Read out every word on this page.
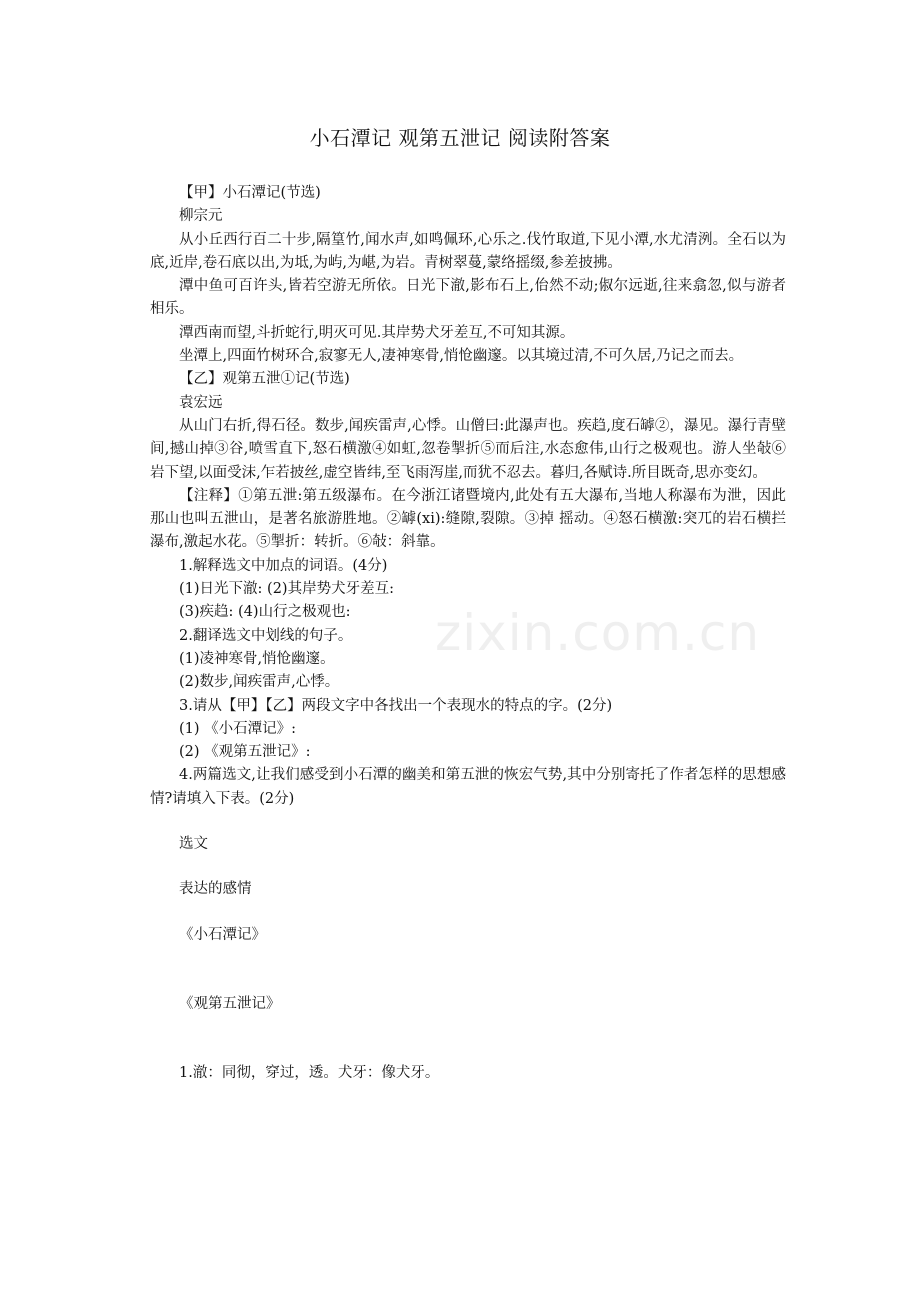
小石潭记 观第五泄记 阅读附答案

【甲】小石潭记(节选)

柳宗元

从小丘西行百二十步,隔篁竹,闻水声,如鸣佩环,心乐之.伐竹取道,下见小潭,水尤清洌。全石以为底,近岸,卷石底以出,为坻,为屿,为嵁,为岩。青树翠蔓,蒙络摇缀,参差披拂。

潭中鱼可百许头,皆若空游无所依。日光下澈,影布石上,佁然不动;俶尔远逝,往来翕忽,似与游者相乐。

潭西南而望,斗折蛇行,明灭可见.其岸势犬牙差互,不可知其源。

坐潭上,四面竹树环合,寂寥无人,凄神寒骨,悄怆幽邃。以其境过清,不可久居,乃记之而去。

【乙】观第五泄①记(节选)

袁宏远

从山门右折,得石径。数步,闻疾雷声,心悸。山僧曰:此瀑声也。疾趋,度石罅②，瀑见。瀑行青壁间,撼山掉③谷,喷雪直下,怒石横激④如虹,忽卷掣折⑤而后注,水态愈伟,山行之极观也。游人坐敧⑥岩下望,以面受沫,乍若披丝,虚空皆纬,至飞雨泻崖,而犹不忍去。暮归,各赋诗.所目既奇,思亦变幻。

【注释】①第五泄:第五级瀑布。在今浙江诸暨境内,此处有五大瀑布,当地人称瀑布为泄，因此那山也叫五泄山，是著名旅游胜地。②罅(xi):缝隙,裂隙。③掉 摇动。④怒石横激:突兀的岩石横拦瀑布,激起水花。⑤掣折：转折。⑥敧：斜靠。

1.解释选文中加点的词语。(4分)

(1)日光下澈: (2)其岸势犬牙差互:

(3)疾趋: (4)山行之极观也:

2.翻译选文中划线的句子。

(1)凌神寒骨,悄怆幽邃。

(2)数步,闻疾雷声,心悸。

3.请从【甲】【乙】两段文字中各找出一个表现水的特点的字。(2分)

(1) 《小石潭记》:

(2) 《观第五泄记》:

4.两篇选文,让我们感受到小石潭的幽美和第五泄的恢宏气势,其中分别寄托了作者怎样的思想感情?请填入下表。(2分)

选文

表达的感情

《小石潭记》

《观第五泄记》

1.澈：同彻，穿过，透。犬牙：像犬牙。

zixin.com.cn
